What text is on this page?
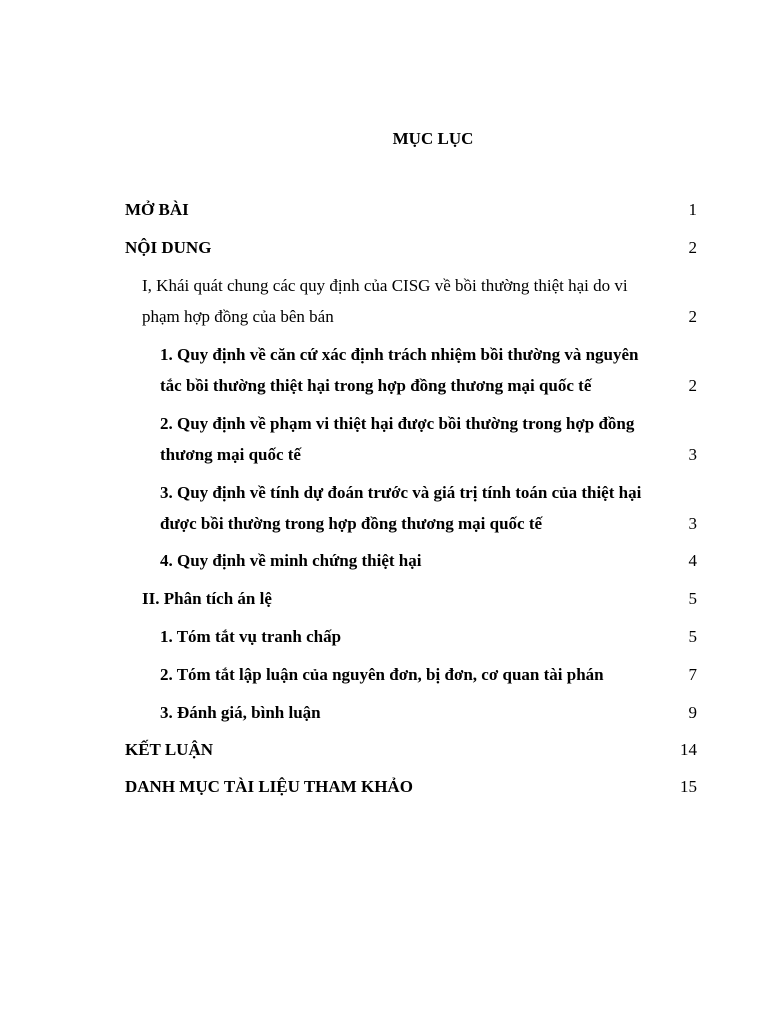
MỤC LỤC
MỞ BÀI	1
NỘI DUNG	2
I, Khái quát chung các quy định của CISG về bồi thường thiệt hại do vi phạm hợp đồng của bên bán	2
1. Quy định về căn cứ xác định trách nhiệm bồi thường và nguyên tắc bồi thường thiệt hại trong hợp đồng thương mại quốc tế	2
2. Quy định về phạm vi thiệt hại được bồi thường trong hợp đồng thương mại quốc tế	3
3. Quy định về tính dự đoán trước và giá trị tính toán của thiệt hại được bồi thường trong hợp đồng thương mại quốc tế	3
4. Quy định về minh chứng thiệt hại	4
II. Phân tích án lệ	5
1. Tóm tắt vụ tranh chấp	5
2. Tóm tắt lập luận của nguyên đơn, bị đơn, cơ quan tài phán	7
3. Đánh giá, bình luận	9
KẾT LUẬN	14
DANH MỤC TÀI LIỆU THAM KHẢO	15
